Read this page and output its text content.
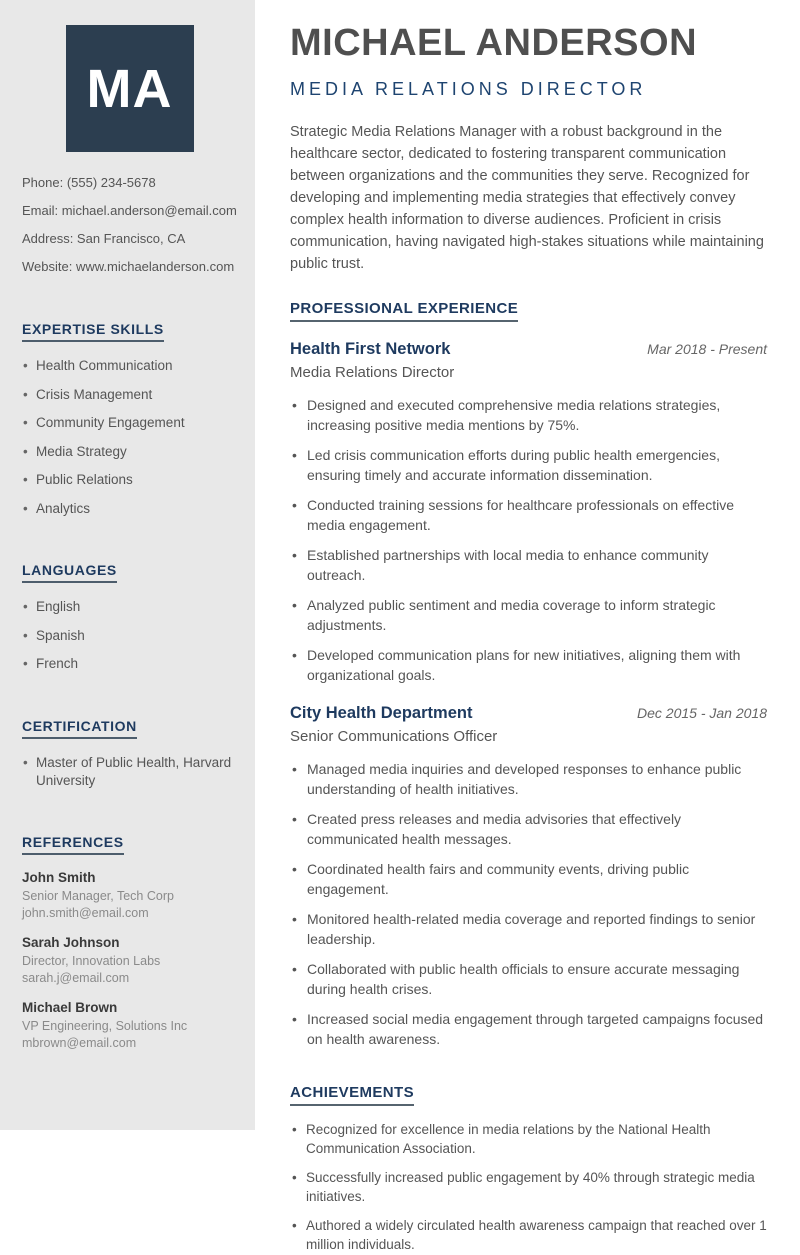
MA

Phone: (555) 234-5678

Email: michael.anderson@email.com

Address: San Francisco, CA

Website: www.michaelanderson.com

EXPERTISE SKILLS
• Health Communication
• Crisis Management
• Community Engagement
• Media Strategy
• Public Relations
• Analytics
LANGUAGES
• English
• Spanish
• French
CERTIFICATION
• Master of Public Health, Harvard University
REFERENCES

John Smith

Senior Manager, Tech Corp

john.smith@email.com

Sarah Johnson

Director, Innovation Labs

sarah.j@email.com

Michael Brown

VP Engineering, Solutions Inc

mbrown@email.com

MICHAEL ANDERSON
MEDIA RELATIONS DIRECTOR

Strategic Media Relations Manager with a robust background in the healthcare sector, dedicated to fostering transparent communication between organizations and the communities they serve. Recognized for developing and implementing media strategies that effectively convey complex health information to diverse audiences. Proficient in crisis communication, having navigated high-stakes situations while maintaining public trust.

PROFESSIONAL EXPERIENCE
Health First Network	Mar 2018 - Present
Media Relations Director
• Designed and executed comprehensive media relations strategies, increasing positive media mentions by 75%.
• Led crisis communication efforts during public health emergencies, ensuring timely and accurate information dissemination.
• Conducted training sessions for healthcare professionals on effective media engagement.
• Established partnerships with local media to enhance community outreach.
• Analyzed public sentiment and media coverage to inform strategic adjustments.
• Developed communication plans for new initiatives, aligning them with organizational goals.
City Health Department	Dec 2015 - Jan 2018
Senior Communications Officer
• Managed media inquiries and developed responses to enhance public understanding of health initiatives.
• Created press releases and media advisories that effectively communicated health messages.
• Coordinated health fairs and community events, driving public engagement.
• Monitored health-related media coverage and reported findings to senior leadership.
• Collaborated with public health officials to ensure accurate messaging during health crises.
• Increased social media engagement through targeted campaigns focused on health awareness.
ACHIEVEMENTS
• Recognized for excellence in media relations by the National Health Communication Association.
• Successfully increased public engagement by 40% through strategic media initiatives.
• Authored a widely circulated health awareness campaign that reached over 1 million individuals.
